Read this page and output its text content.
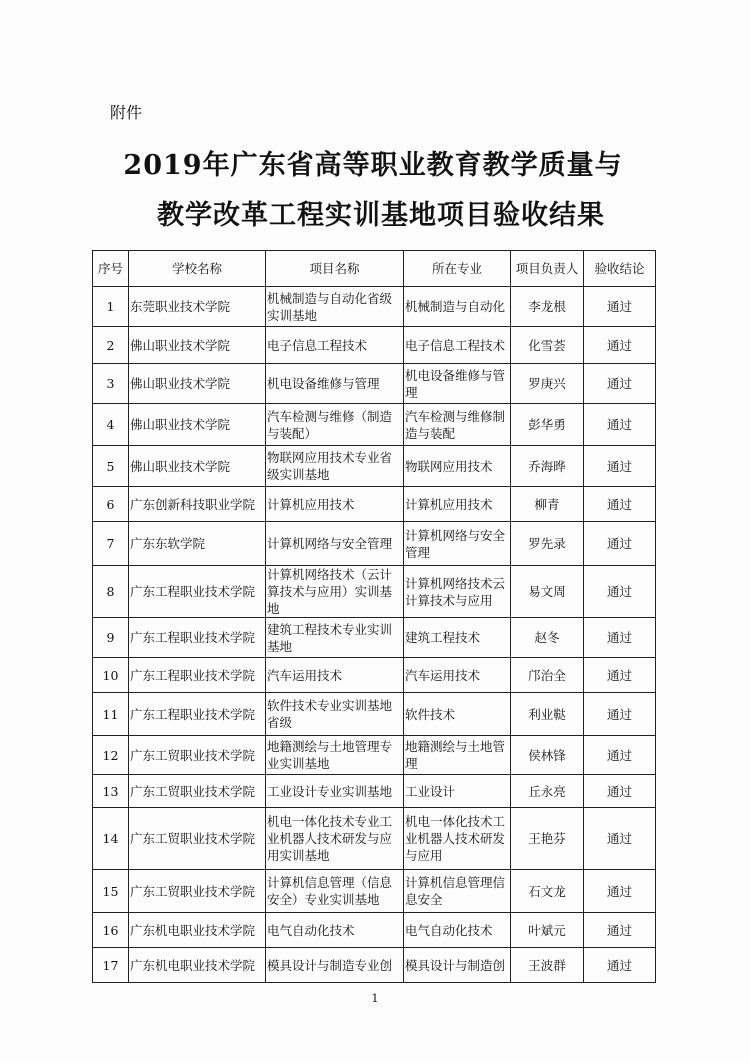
附件
2019年广东省高等职业教育教学质量与
教学改革工程实训基地项目验收结果
序号	学校名称	项目名称	所在专业	项目负责人	验收结论
1	东莞职业技术学院	机械制造与自动化省级实训基地	机械制造与自动化	李龙根	通过
2	佛山职业技术学院	电子信息工程技术	电子信息工程技术	化雪荟	通过
3	佛山职业技术学院	机电设备维修与管理	机电设备维修与管理	罗庚兴	通过
4	佛山职业技术学院	汽车检测与维修（制造与装配）	汽车检测与维修制造与装配	彭华勇	通过
5	佛山职业技术学院	物联网应用技术专业省级实训基地	物联网应用技术	乔海晔	通过
6	广东创新科技职业学院	计算机应用技术	计算机应用技术	柳青	通过
7	广东东软学院	计算机网络与安全管理	计算机网络与安全管理	罗先录	通过
8	广东工程职业技术学院	计算机网络技术（云计算技术与应用）实训基地	计算机网络技术云计算技术与应用	易文周	通过
9	广东工程职业技术学院	建筑工程技术专业实训基地	建筑工程技术	赵冬	通过
10	广东工程职业技术学院	汽车运用技术	汽车运用技术	邝治全	通过
11	广东工程职业技术学院	软件技术专业实训基地省级	软件技术	利业鞑	通过
12	广东工贸职业技术学院	地籍测绘与土地管理专业实训基地	地籍测绘与土地管理	侯林锋	通过
13	广东工贸职业技术学院	工业设计专业实训基地	工业设计	丘永亮	通过
14	广东工贸职业技术学院	机电一体化技术专业工业机器人技术研发与应用实训基地	机电一体化技术工业机器人技术研发与应用	王艳芬	通过
15	广东工贸职业技术学院	计算机信息管理（信息安全）专业实训基地	计算机信息管理信息安全	石文龙	通过
16	广东机电职业技术学院	电气自动化技术	电气自动化技术	叶斌元	通过
17	广东机电职业技术学院	模具设计与制造专业创	模具设计与制造创	王波群	通过
1
